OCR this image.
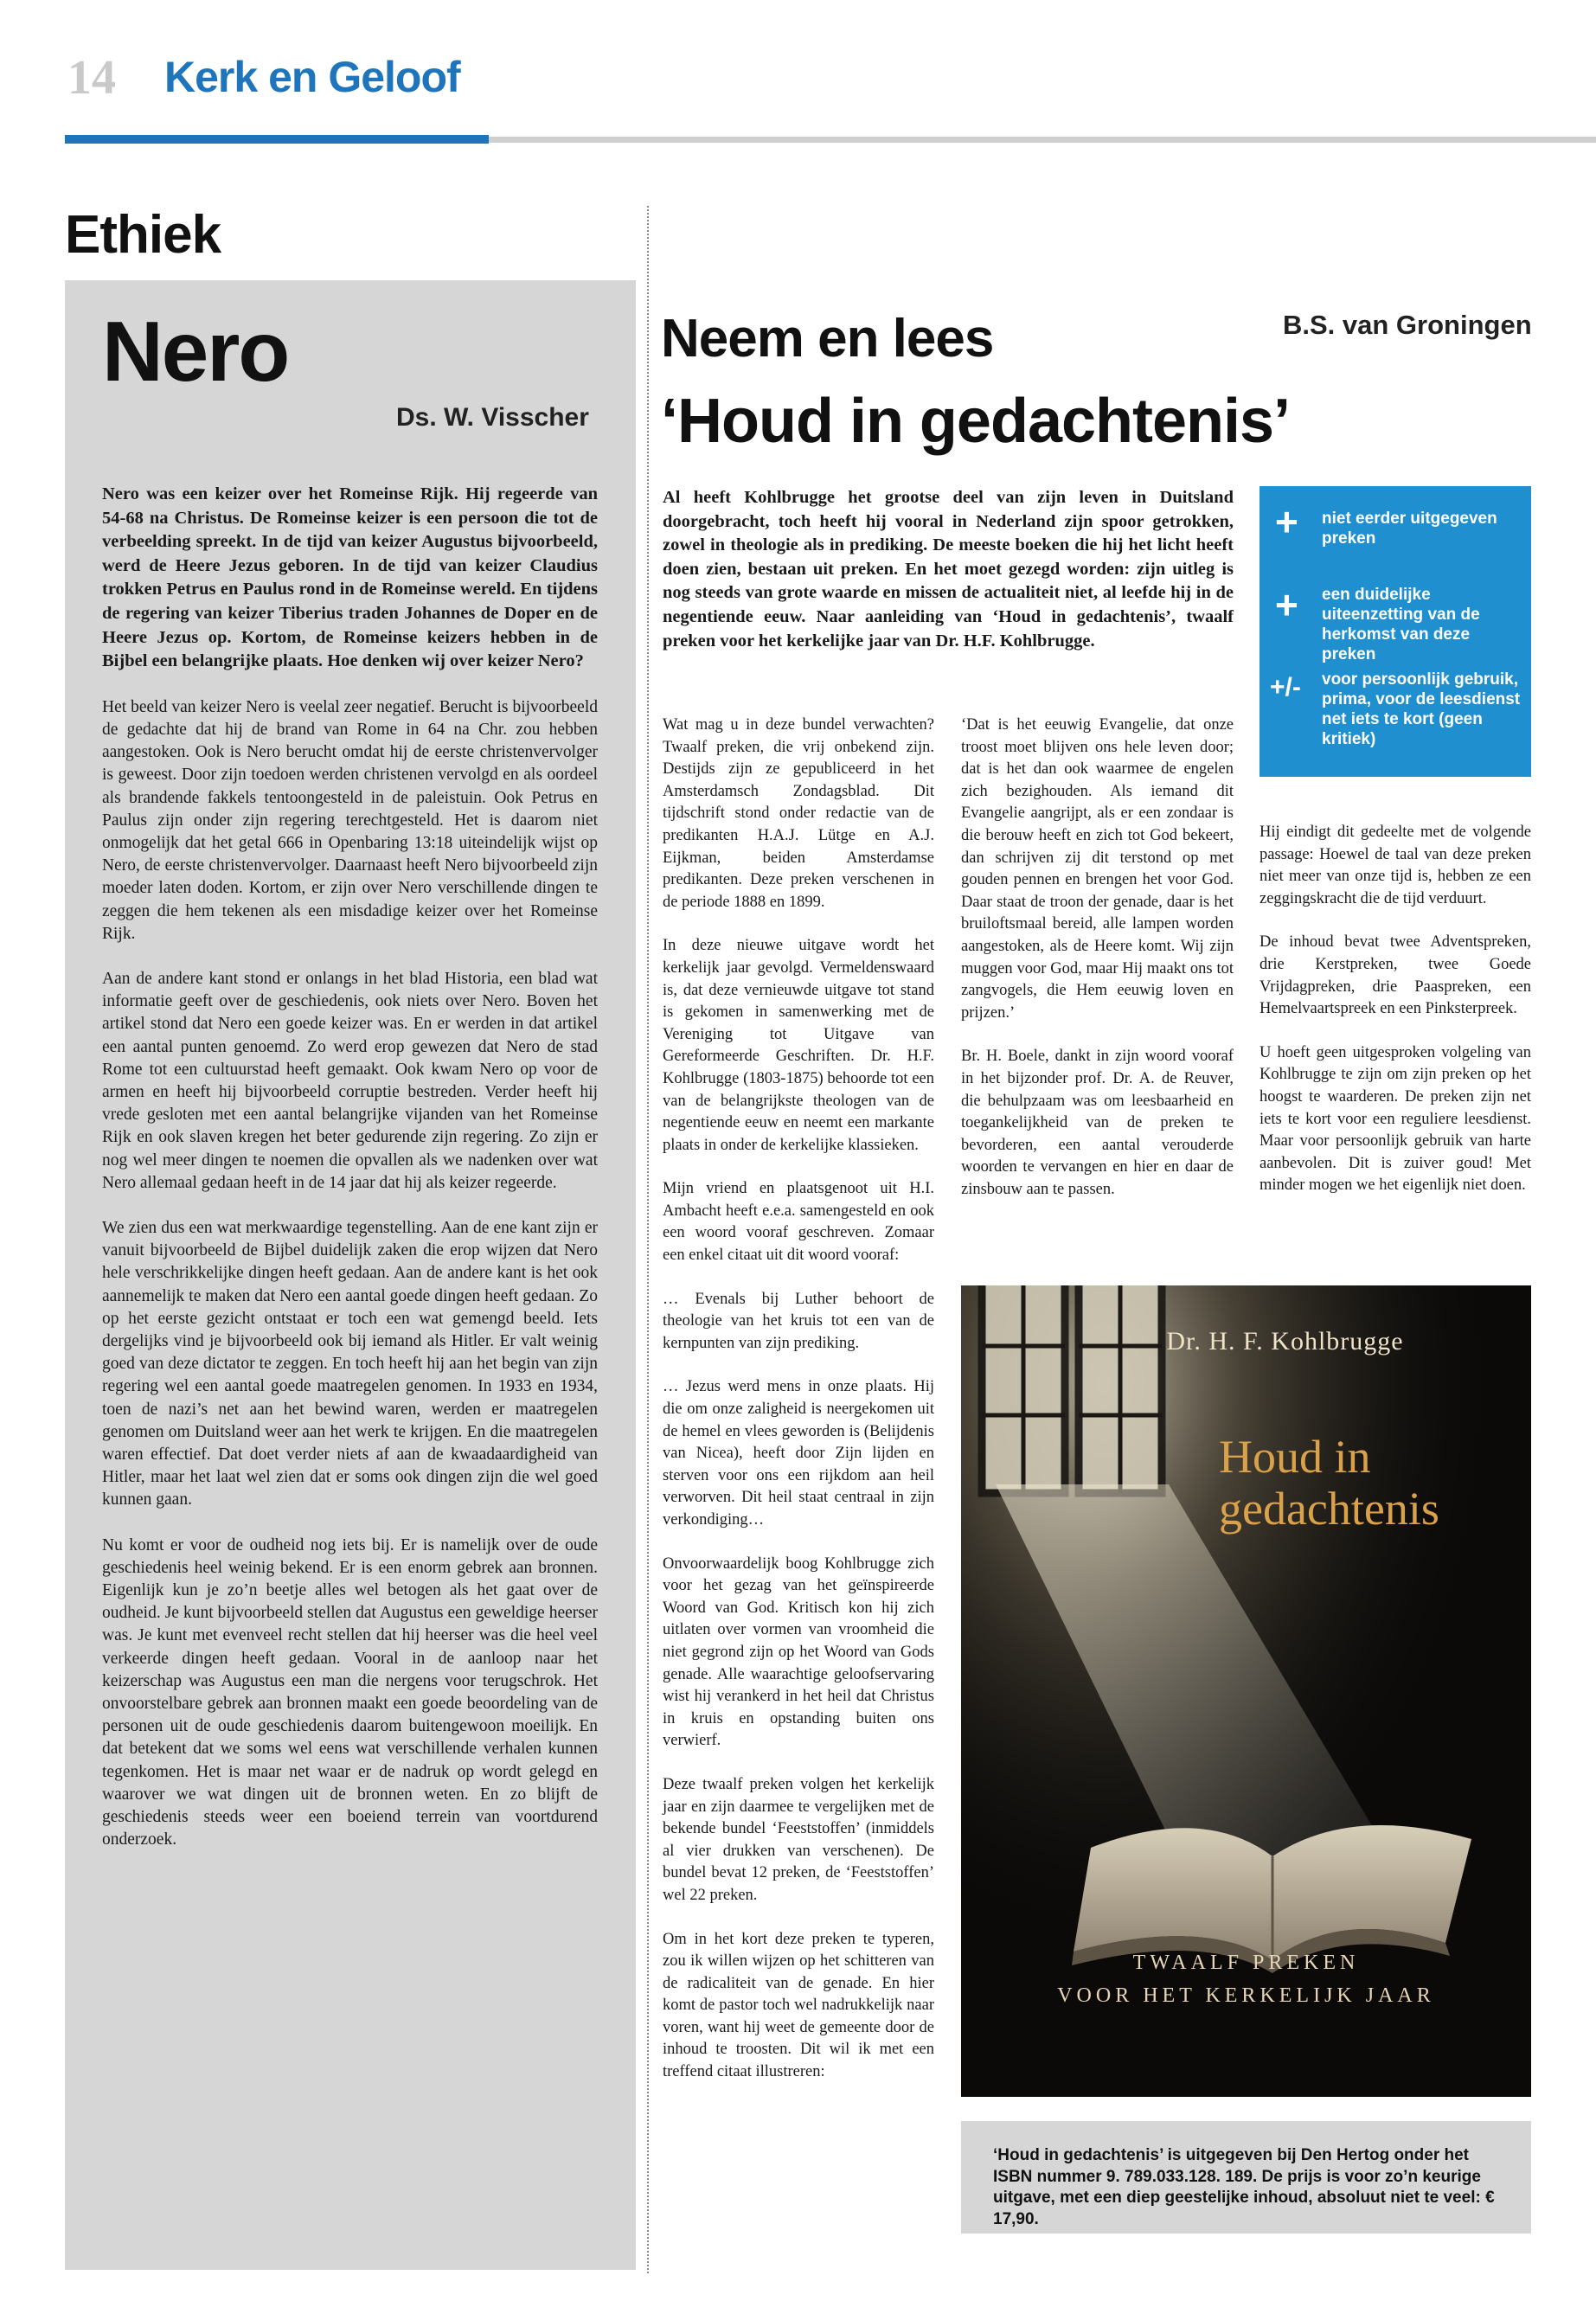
14 Kerk en Geloof
Ethiek
Nero
Ds. W. Visscher

Nero was een keizer over het Romeinse Rijk. Hij regeerde van 54-68 na Christus. De Romeinse keizer is een persoon die tot de verbeelding spreekt. In de tijd van keizer Augustus bijvoorbeeld, werd de Heere Jezus geboren. In de tijd van keizer Claudius trokken Petrus en Paulus rond in de Romeinse wereld. En tijdens de regering van keizer Tiberius traden Johannes de Doper en de Heere Jezus op. Kortom, de Romeinse keizers hebben in de Bijbel een belangrijke plaats. Hoe denken wij over keizer Nero?

Het beeld van keizer Nero is veelal zeer negatief. Berucht is bijvoorbeeld de gedachte dat hij de brand van Rome in 64 na Chr. zou hebben aangestoken. Ook is Nero berucht omdat hij de eerste christenvervolger is geweest. Door zijn toedoen werden christenen vervolgd en als oordeel als brandende fakkels tentoongesteld in de paleistuin. Ook Petrus en Paulus zijn onder zijn regering terechtgesteld. Het is daarom niet onmogelijk dat het getal 666 in Openbaring 13:18 uiteindelijk wijst op Nero, de eerste christenvervolger. Daarnaast heeft Nero bijvoorbeeld zijn moeder laten doden. Kortom, er zijn over Nero verschillende dingen te zeggen die hem tekenen als een misdadige keizer over het Romeinse Rijk.

Aan de andere kant stond er onlangs in het blad Historia, een blad wat informatie geeft over de geschiedenis, ook niets over Nero. Boven het artikel stond dat Nero een goede keizer was. En er werden in dat artikel een aantal punten genoemd. Zo werd erop gewezen dat Nero de stad Rome tot een cultuurstad heeft gemaakt. Ook kwam Nero op voor de armen en heeft hij bijvoorbeeld corruptie bestreden. Verder heeft hij vrede gesloten met een aantal belangrijke vijanden van het Romeinse Rijk en ook slaven kregen het beter gedurende zijn regering. Zo zijn er nog wel meer dingen te noemen die opvallen als we nadenken over wat Nero allemaal gedaan heeft in de 14 jaar dat hij als keizer regeerde.

We zien dus een wat merkwaardige tegenstelling. Aan de ene kant zijn er vanuit bijvoorbeeld de Bijbel duidelijk zaken die erop wijzen dat Nero hele verschrikkelijke dingen heeft gedaan. Aan de andere kant is het ook aannemelijk te maken dat Nero een aantal goede dingen heeft gedaan. Zo op het eerste gezicht ontstaat er toch een wat gemengd beeld. Iets dergelijks vind je bijvoorbeeld ook bij iemand als Hitler. Er valt weinig goed van deze dictator te zeggen. En toch heeft hij aan het begin van zijn regering wel een aantal goede maatregelen genomen. In 1933 en 1934, toen de nazi’s net aan het bewind waren, werden er maatregelen genomen om Duitsland weer aan het werk te krijgen. En die maatregelen waren effectief. Dat doet verder niets af aan de kwaadaardigheid van Hitler, maar het laat wel zien dat er soms ook dingen zijn die wel goed kunnen gaan.

Nu komt er voor de oudheid nog iets bij. Er is namelijk over de oude geschiedenis heel weinig bekend. Er is een enorm gebrek aan bronnen. Eigenlijk kun je zo’n beetje alles wel betogen als het gaat over de oudheid. Je kunt bijvoorbeeld stellen dat Augustus een geweldige heerser was. Je kunt met evenveel recht stellen dat hij heerser was die heel veel verkeerde dingen heeft gedaan. Vooral in de aanloop naar het keizerschap was Augustus een man die nergens voor terugschrok. Het onvoorstelbare gebrek aan bronnen maakt een goede beoordeling van de personen uit de oude geschiedenis daarom buitengewoon moeilijk. En dat betekent dat we soms wel eens wat verschillende verhalen kunnen tegenkomen. Het is maar net waar er de nadruk op wordt gelegd en waarover we wat dingen uit de bronnen weten. En zo blijft de geschiedenis steeds weer een boeiend terrein van voortdurend onderzoek.

Neem en lees	B.S. van Groningen
‘Houd in gedachtenis’
Al heeft Kohlbrugge het grootse deel van zijn leven in Duitsland doorgebracht, toch heeft hij vooral in Nederland zijn spoor getrokken, zowel in theologie als in prediking. De meeste boeken die hij het licht heeft doen zien, bestaan uit preken. En het moet gezegd worden: zijn uitleg is nog steeds van grote waarde en missen de actualiteit niet, al leefde hij in de negentiende eeuw. Naar aanleiding van ‘Houd in gedachtenis’, twaalf preken voor het kerkelijke jaar van Dr. H.F. Kohlbrugge.

Wat mag u in deze bundel verwachten? Twaalf preken, die vrij onbekend zijn. Destijds zijn ze gepubliceerd in het Amsterdamsch Zondagsblad. Dit tijdschrift stond onder redactie van de predikanten H.A.J. Lütge en A.J. Eijkman, beiden Amsterdamse predikanten. Deze preken verschenen in de periode 1888 en 1899.

In deze nieuwe uitgave wordt het kerkelijk jaar gevolgd. Vermeldenswaard is, dat deze vernieuwde uitgave tot stand is gekomen in samenwerking met de Vereniging tot Uitgave van Gereformeerde Geschriften. Dr. H.F. Kohlbrugge (1803-1875) behoorde tot een van de belangrijkste theologen van de negentiende eeuw en neemt een markante plaats in onder de kerkelijke klassieken.

Mijn vriend en plaatsgenoot uit H.I. Ambacht heeft e.e.a. samengesteld en ook een woord vooraf geschreven. Zomaar een enkel citaat uit dit woord vooraf:

… Evenals bij Luther behoort de theologie van het kruis tot een van de kernpunten van zijn prediking.

… Jezus werd mens in onze plaats. Hij die om onze zaligheid is neergekomen uit de hemel en vlees geworden is (Belijdenis van Nicea), heeft door Zijn lijden en sterven voor ons een rijkdom aan heil verworven. Dit heil staat centraal in zijn verkondiging…

Onvoorwaardelijk boog Kohlbrugge zich voor het gezag van het geïnspireerde Woord van God. Kritisch kon hij zich uitlaten over vormen van vroomheid die niet gegrond zijn op het Woord van Gods genade. Alle waarachtige geloofservaring wist hij verankerd in het heil dat Christus in kruis en opstanding buiten ons verwierf.

Deze twaalf preken volgen het kerkelijk jaar en zijn daarmee te vergelijken met de bekende bundel ‘Feeststoffen’ (inmiddels al vier drukken van verschenen). De bundel bevat 12 preken, de ‘Feeststoffen’ wel 22 preken.

Om in het kort deze preken te typeren, zou ik willen wijzen op het schitteren van de radicaliteit van de genade. En hier komt de pastor toch wel nadrukkelijk naar voren, want hij weet de gemeente door de inhoud te troosten. Dit wil ik met een treffend citaat illustreren:

‘Dat is het eeuwig Evangelie, dat onze troost moet blijven ons hele leven door; dat is het dan ook waarmee de engelen zich bezighouden. Als iemand dit Evangelie aangrijpt, als er een zondaar is die berouw heeft en zich tot God bekeert, dan schrijven zij dit terstond op met gouden pennen en brengen het voor God. Daar staat de troon der genade, daar is het bruiloftsmaal bereid, alle lampen worden aangestoken, als de Heere komt. Wij zijn muggen voor God, maar Hij maakt ons tot zangvogels, die Hem eeuwig loven en prijzen.’

Br. H. Boele, dankt in zijn woord vooraf in het bijzonder prof. Dr. A. de Reuver, die behulpzaam was om leesbaarheid en toegankelijkheid van de preken te bevorderen, een aantal verouderde woorden te vervangen en hier en daar de zinsbouw aan te passen.

+ niet eerder uitgegeven preken
+ een duidelijke uiteenzetting van de herkomst van deze preken
+/- voor persoonlijk gebruik, prima, voor de leesdienst net iets te kort (geen kritiek)

Hij eindigt dit gedeelte met de volgende passage: Hoewel de taal van deze preken niet meer van onze tijd is, hebben ze een zeggingskracht die de tijd verduurt.

De inhoud bevat twee Adventspreken, drie Kerstpreken, twee Goede Vrijdagpreken, drie Paaspreken, een Hemelvaartspreek en een Pinksterpreek.

U hoeft geen uitgesproken volgeling van Kohlbrugge te zijn om zijn preken op het hoogst te waarderen. De preken zijn net iets te kort voor een reguliere leesdienst. Maar voor persoonlijk gebruik van harte aanbevolen. Dit is zuiver goud! Met minder mogen we het eigenlijk niet doen.

Dr. H. F. Kohlbrugge
Houd in gedachtenis
TWAALF PREKEN
VOOR HET KERKELIJK JAAR
‘Houd in gedachtenis’ is uitgegeven bij Den Hertog onder het ISBN nummer 9. 789.033.128. 189. De prijs is voor zo’n keurige uitgave, met een diep geestelijke inhoud, absoluut niet te veel: € 17,90.
